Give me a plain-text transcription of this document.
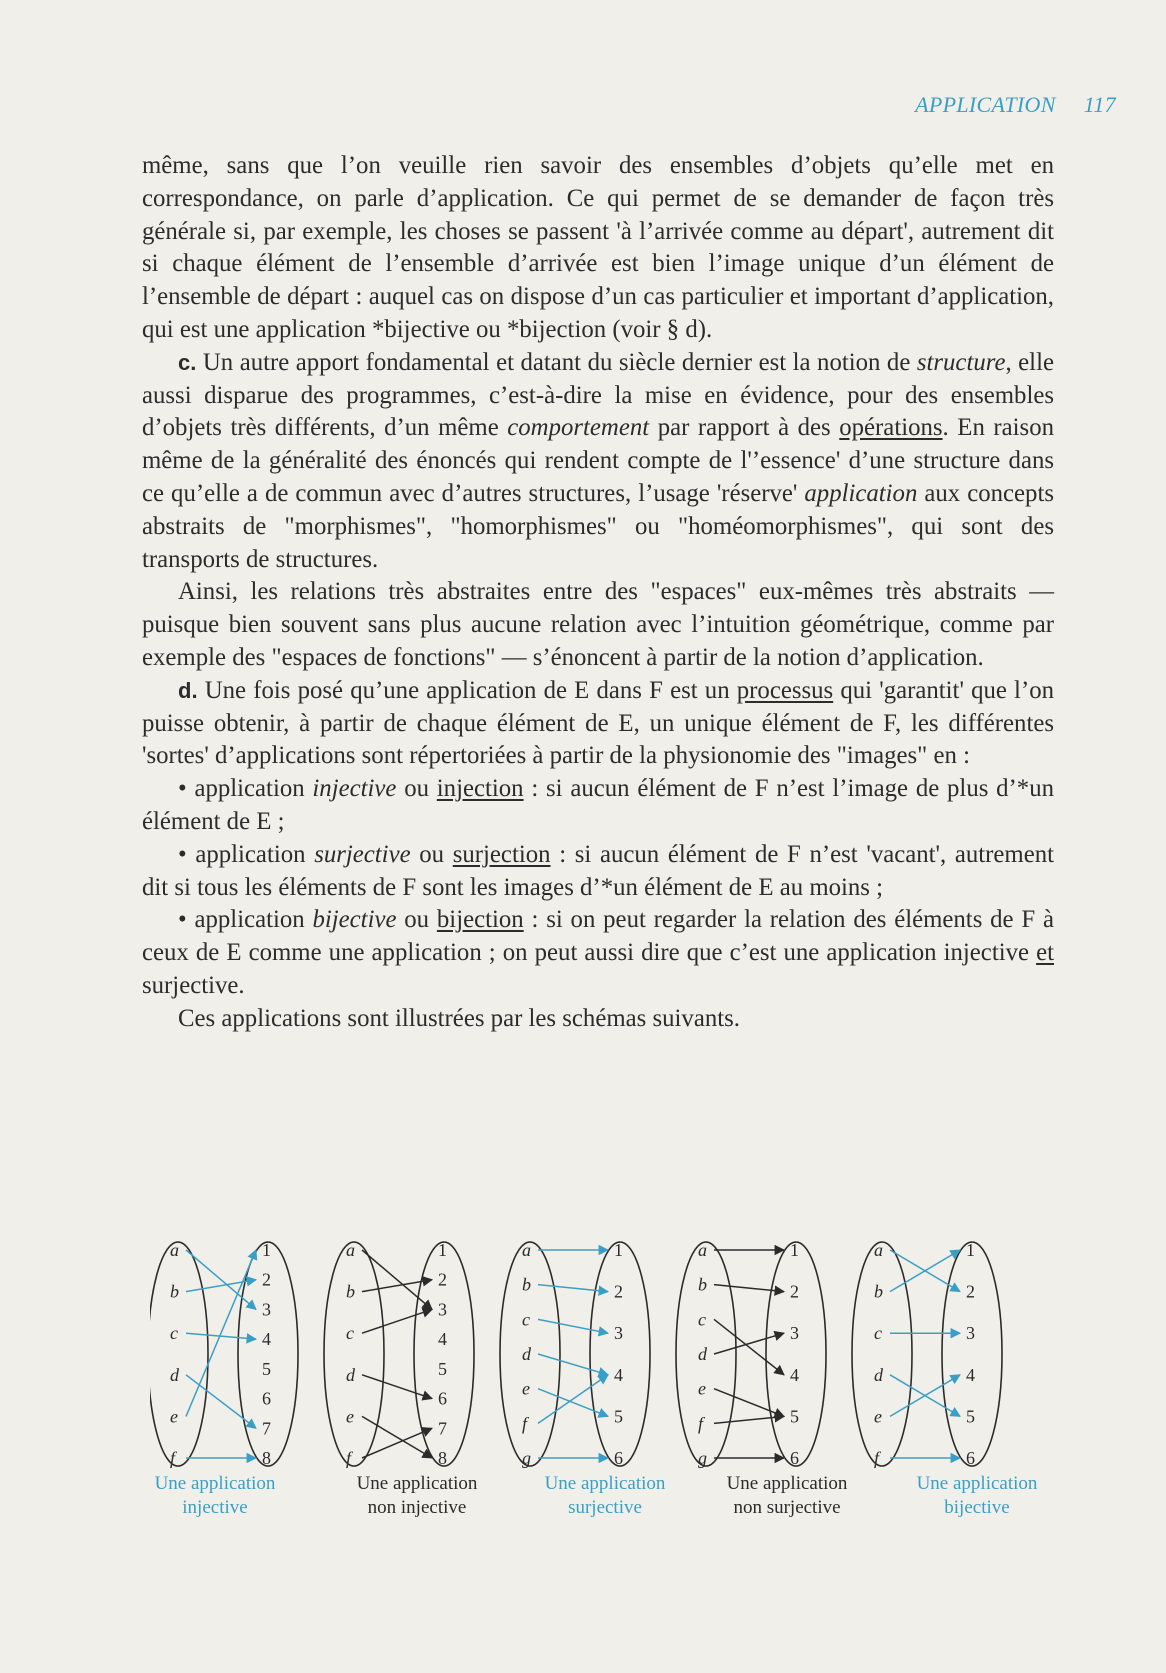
APPLICATION 117

même, sans que l’on veuille rien savoir des ensembles d’objets qu’elle met en correspondance, on parle d’application. Ce qui permet de se demander de façon très générale si, par exemple, les choses se passent 'à l’arrivée comme au départ', autrement dit si chaque élément de l’ensemble d’arrivée est bien l’image unique d’un élément de l’ensemble de départ : auquel cas on dispose d’un cas particulier et important d’application, qui est une application *bijective ou *bijection (voir § d).

c. Un autre apport fondamental et datant du siècle dernier est la notion de structure, elle aussi disparue des programmes, c’est-à-dire la mise en évidence, pour des ensembles d’objets très différents, d’un même comportement par rapport à des opérations. En raison même de la généralité des énoncés qui rendent compte de l'’essence' d’une structure dans ce qu’elle a de commun avec d’autres structures, l’usage 'réserve' application aux concepts abstraits de "morphismes", "homorphismes" ou "homéomorphismes", qui sont des transports de structures.

Ainsi, les relations très abstraites entre des "espaces" eux-mêmes très abstraits — puisque bien souvent sans plus aucune relation avec l’intuition géométrique, comme par exemple des "espaces de fonctions" — s’énoncent à partir de la notion d’application.

d. Une fois posé qu’une application de E dans F est un processus qui 'garantit' que l’on puisse obtenir, à partir de chaque élément de E, un unique élément de F, les différentes 'sortes' d’applications sont répertoriées à partir de la physionomie des "images" en :

• application injective ou injection : si aucun élément de F n’est l’image de plus d’*un élément de E ;

• application surjective ou surjection : si aucun élément de F n’est 'vacant', autrement dit si tous les éléments de F sont les images d’*un élément de E au moins ;

• application bijective ou bijection : si on peut regarder la relation des éléments de F à ceux de E comme une application ; on peut aussi dire que c’est une application injective et surjective.

Ces applications sont illustrées par les schémas suivants.

a
b
c
d
e
f
1
2
3
4
5
6
7
8
a
b
c
d
e
f
1
2
3
4
5
6
7
8
a
b
c
d
e
f
g
1
2
3
4
5
6
a
b
c
d
e
f
g
1
2
3
4
5
6
a
b
c
d
e
f
1
2
3
4
5
6
Une application
injective
Une application
non injective
Une application
surjective
Une application
non surjective
Une application
bijective
